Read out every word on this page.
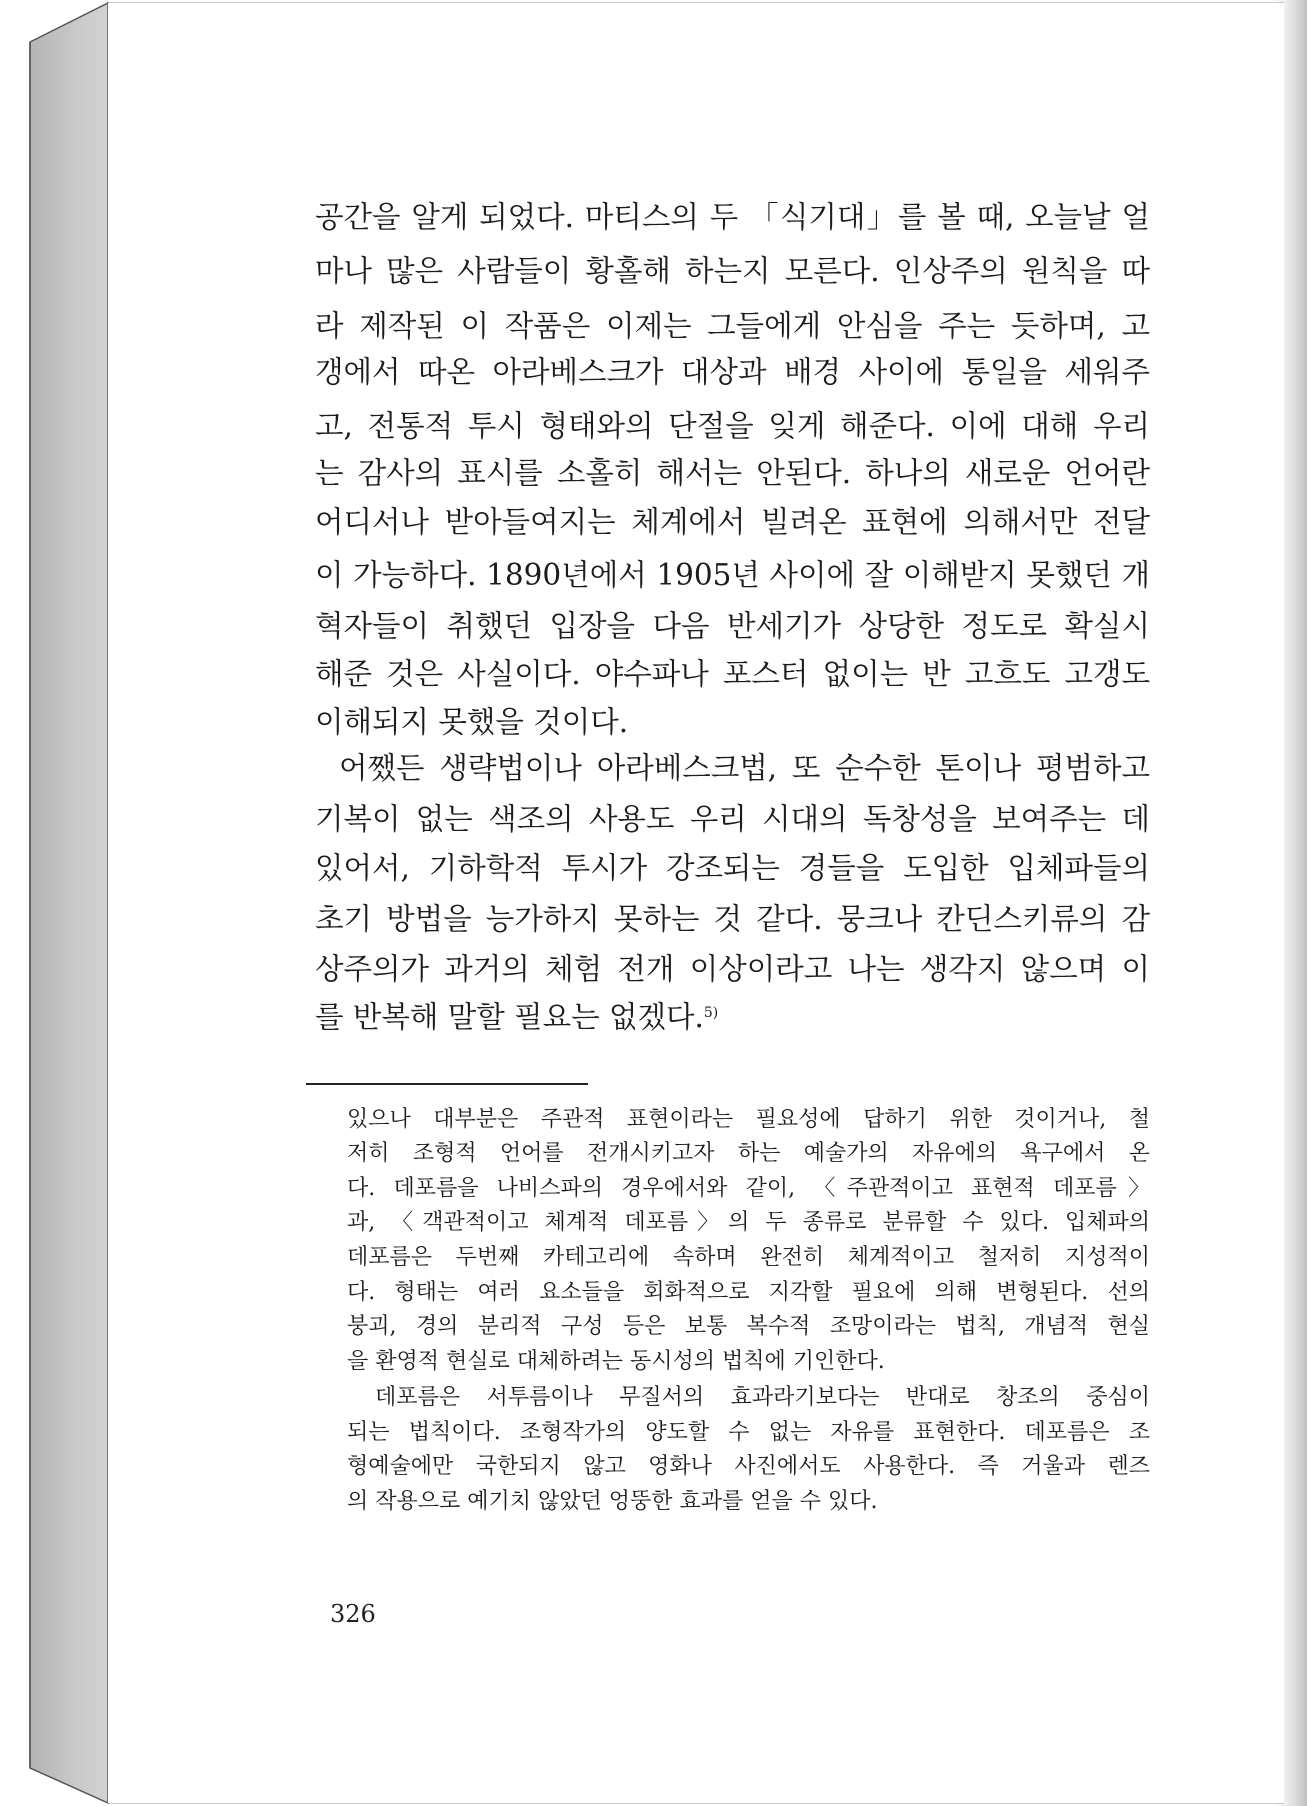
공간을 알게 되었다. 마티스의 두 「식기대」를 볼 때, 오늘날 얼
마나 많은 사람들이 황홀해 하는지 모른다. 인상주의 원칙을 따
라 제작된 이 작품은 이제는 그들에게 안심을 주는 듯하며, 고
갱에서 따온 아라베스크가 대상과 배경 사이에 통일을 세워주
고, 전통적 투시 형태와의 단절을 잊게 해준다. 이에 대해 우리
는 감사의 표시를 소홀히 해서는 안된다. 하나의 새로운 언어란
어디서나 받아들여지는 체계에서 빌려온 표현에 의해서만 전달
이 가능하다. 1890년에서 1905년 사이에 잘 이해받지 못했던 개
혁자들이 취했던 입장을 다음 반세기가 상당한 정도로 확실시
해준 것은 사실이다. 야수파나 포스터 없이는 반 고흐도 고갱도
이해되지 못했을 것이다.
어쨌든 생략법이나 아라베스크법, 또 순수한 톤이나 평범하고
기복이 없는 색조의 사용도 우리 시대의 독창성을 보여주는 데
있어서, 기하학적 투시가 강조되는 경들을 도입한 입체파들의
초기 방법을 능가하지 못하는 것 같다. 뭉크나 칸딘스키류의 감
상주의가 과거의 체험 전개 이상이라고 나는 생각지 않으며 이
를 반복해 말할 필요는 없겠다.$^{5)}$
있으나 대부분은 주관적 표현이라는 필요성에 답하기 위한 것이거나, 철
저히 조형적 언어를 전개시키고자 하는 예술가의 자유에의 욕구에서 온
다. 데포름을 나비스파의 경우에서와 같이, 〈주관적이고 표현적 데포름〉
과, 〈객관적이고 체계적 데포름〉의 두 종류로 분류할 수 있다. 입체파의
데포름은 두번째 카테고리에 속하며 완전히 체계적이고 철저히 지성적이
다. 형태는 여러 요소들을 회화적으로 지각할 필요에 의해 변형된다. 선의
붕괴, 경의 분리적 구성 등은 보통 복수적 조망이라는 법칙, 개념적 현실
을 환영적 현실로 대체하려는 동시성의 법칙에 기인한다.
데포름은 서투름이나 무질서의 효과라기보다는 반대로 창조의 중심이
되는 법칙이다. 조형작가의 양도할 수 없는 자유를 표현한다. 데포름은 조
형예술에만 국한되지 않고 영화나 사진에서도 사용한다. 즉 거울과 렌즈
의 작용으로 예기치 않았던 엉뚱한 효과를 얻을 수 있다.
326
